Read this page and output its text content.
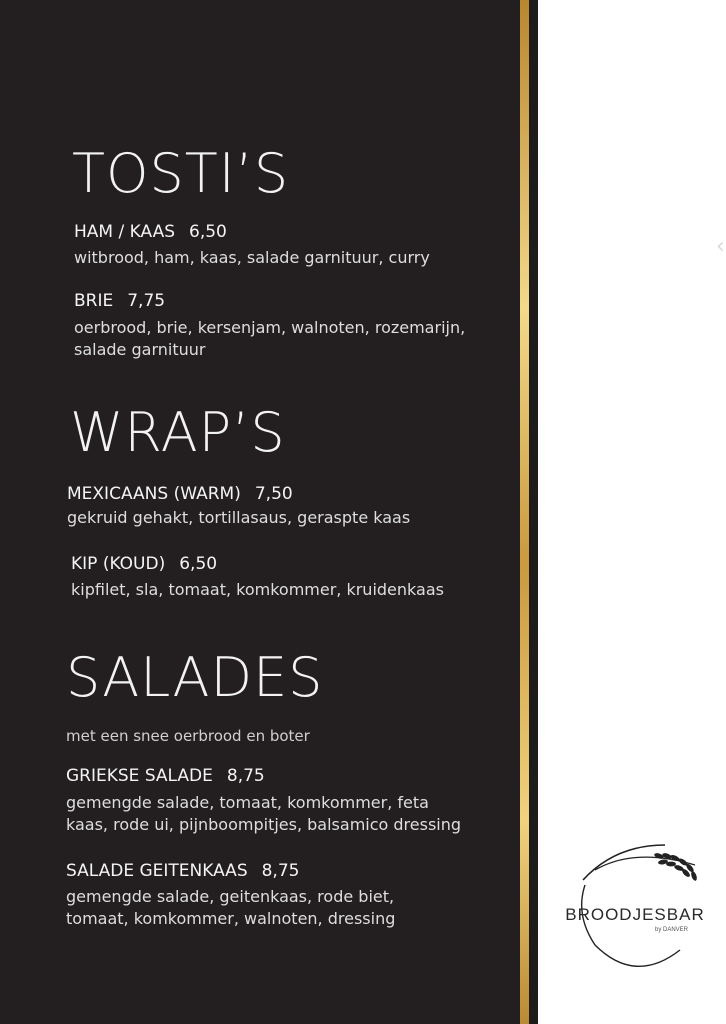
‹
TOSTI’S
HAM / KAAS 6,50
witbrood, ham, kaas, salade garnituur, curry
BRIE 7,75
oerbrood, brie, kersenjam, walnoten, rozemarijn, salade garnituur
WRAP’S
MEXICAANS (WARM) 7,50
gekruid gehakt, tortillasaus, geraspte kaas
KIP (KOUD) 6,50
kipfilet, sla, tomaat, komkommer, kruidenkaas
SALADES
met een snee oerbrood en boter
GRIEKSE SALADE 8,75
gemengde salade, tomaat, komkommer, feta kaas, rode ui, pijnboompitjes, balsamico dressing
SALADE GEITENKAAS 8,75
gemengde salade, geitenkaas, rode biet, tomaat, komkommer, walnoten, dressing	BROODJESBAR
by DANVER
